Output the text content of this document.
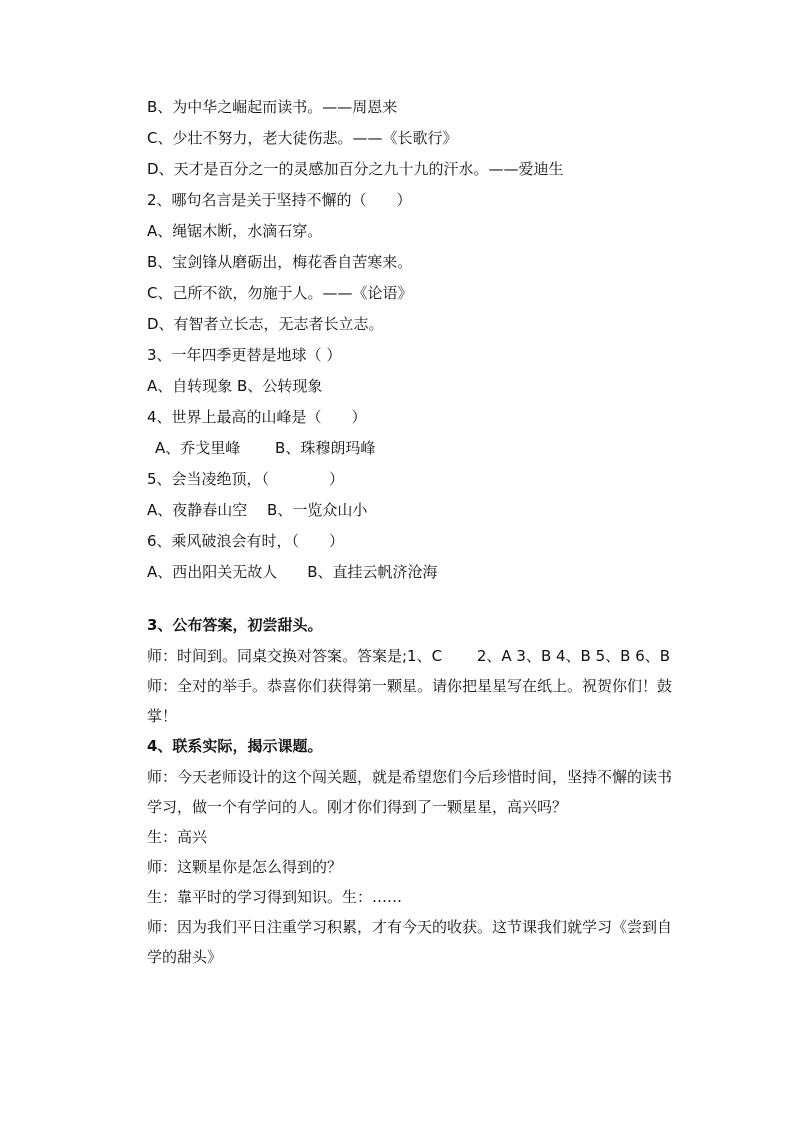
B、为中华之崛起而读书。——周恩来
C、少壮不努力，老大徒伤悲。——《长歌行》
D、天才是百分之一的灵感加百分之九十九的汗水。——爱迪生
2、哪句名言是关于坚持不懈的（　　）
A、绳锯木断，水滴石穿。
B、宝剑锋从磨砺出，梅花香自苦寒来。
C、己所不欲，勿施于人。——《论语》
D、有智者立长志，无志者长立志。
3、一年四季更替是地球（ ）
A、自转现象 B、公转现象
4、世界上最高的山峰是（　　）
A、乔戈里峰　　 B、珠穆朗玛峰
5、会当凌绝顶，（　　　　）
A、夜静春山空　 B、一览众山小
6、乘风破浪会有时，（　　）
A、西出阳关无故人　　B、直挂云帆济沧海
3、公布答案，初尝甜头。
师：时间到。同桌交换对答案。答案是;1、C　　 2、A 3、B 4、B 5、B 6、B
师：全对的举手。恭喜你们获得第一颗星。请你把星星写在纸上。祝贺你们！鼓掌！
4、联系实际，揭示课题。
师：今天老师设计的这个闯关题，就是希望您们今后珍惜时间，坚持不懈的读书学习，做一个有学问的人。刚才你们得到了一颗星星，高兴吗？
生：高兴
师：这颗星你是怎么得到的？
生：靠平时的学习得到知识。生：……
师：因为我们平日注重学习积累，才有今天的收获。这节课我们就学习《尝到自学的甜头》
